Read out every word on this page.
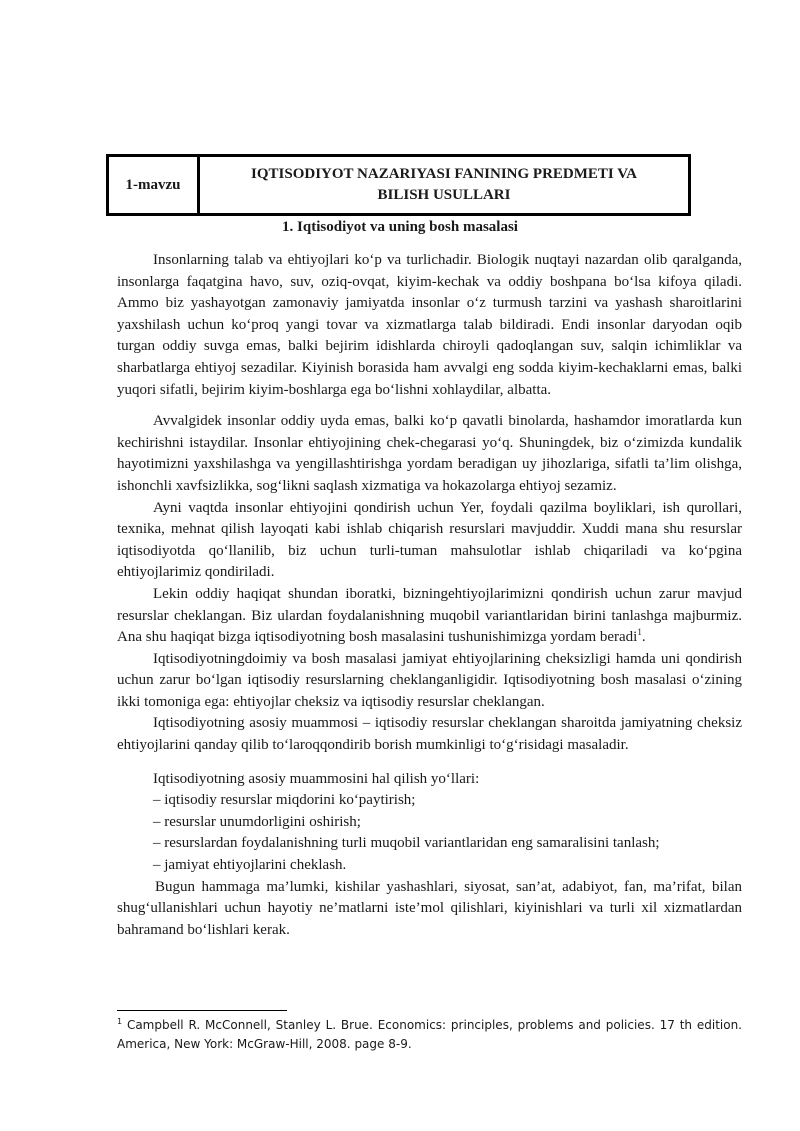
1-mavzu
IQTISODIYOT NAZARIYASI FANINING PREDMETI VA BILISH USULLARI
1. Iqtisodiyot va uning bosh masalasi

Insonlarning talab va ehtiyojlari ko‘p va turlichadir. Biologik nuqtayi nazardan olib qaralganda, insonlarga faqatgina havo, suv, oziq-ovqat, kiyim-kechak va oddiy boshpana bo‘lsa kifoya qiladi. Ammo biz yashayotgan zamonaviy jamiyatda insonlar o‘z turmush tarzini va yashash sharoitlarini yaxshilash uchun ko‘proq yangi tovar va xizmatlarga talab bildiradi. Endi insonlar daryodan oqib turgan oddiy suvga emas, balki bejirim idishlarda chiroyli qadoqlangan suv, salqin ichimliklar va sharbatlarga ehtiyoj sezadilar. Kiyinish borasida ham avvalgi eng sodda kiyim-kechaklarni emas, balki yuqori sifatli, bejirim kiyim-boshlarga ega bo‘lishni xohlaydilar, albatta.

Avvalgidek insonlar oddiy uyda emas, balki ko‘p qavatli binolarda, hashamdor imoratlarda kun kechirishni istaydilar. Insonlar ehtiyojining chek-chegarasi yo‘q. Shuningdek, biz o‘zimizda kundalik hayotimizni yaxshilashga va yengillashtirishga yordam beradigan uy jihozlariga, sifatli ta’lim olishga, ishonchli xavfsizlikka, sog‘likni saqlash xizmatiga va hokazolarga ehtiyoj sezamiz.

Ayni vaqtda insonlar ehtiyojini qondirish uchun Yer, foydali qazilma boyliklari, ish qurollari, texnika, mehnat qilish layoqati kabi ishlab chiqarish resurslari mavjuddir. Xuddi mana shu resurslar iqtisodiyotda qo‘llanilib, biz uchun turli-tuman mahsulotlar ishlab chiqariladi va ko‘pgina ehtiyojlarimiz qondiriladi.

Lekin oddiy haqiqat shundan iboratki, bizningehtiyojlarimizni qondirish uchun zarur mavjud resurslar cheklangan. Biz ulardan foydalanishning muqobil variantlaridan birini tanlashga majburmiz. Ana shu haqiqat bizga iqtisodiyotning bosh masalasini tushunishimizga yordam beradi$^1$.

Iqtisodiyotningdoimiy va bosh masalasi jamiyat ehtiyojlarining cheksizligi hamda uni qondirish uchun zarur bo‘lgan iqtisodiy resurslarning cheklanganligidir. Iqtisodiyotning bosh masalasi o‘zining ikki tomoniga ega: ehtiyojlar cheksiz va iqtisodiy resurslar cheklangan.

Iqtisodiyotning asosiy muammosi – iqtisodiy resurslar cheklangan sharoitda jamiyatning cheksiz ehtiyojlarini qanday qilib to‘laroqqondirib borish mumkinligi to‘g‘risidagi masaladir.

Iqtisodiyotning asosiy muammosini hal qilish yo‘llari:

– iqtisodiy resurslar miqdorini ko‘paytirish;

– resurslar unumdorligini oshirish;

– resurslardan foydalanishning turli muqobil variantlaridan eng samaralisini tanlash;

– jamiyat ehtiyojlarini cheklash.

Bugun hammaga ma’lumki, kishilar yashashlari, siyosat, san’at, adabiyot, fan, ma’rifat, bilan shug‘ullanishlari uchun hayotiy ne’matlarni iste’mol qilishlari, kiyinishlari va turli xil xizmatlardan bahramand bo‘lishlari kerak.

$^1$ Campbell R. McConnell, Stanley L. Brue. Economics: principles, problems and policies. 17 th edition. America, New York: McGraw-Hill, 2008. page 8-9.
